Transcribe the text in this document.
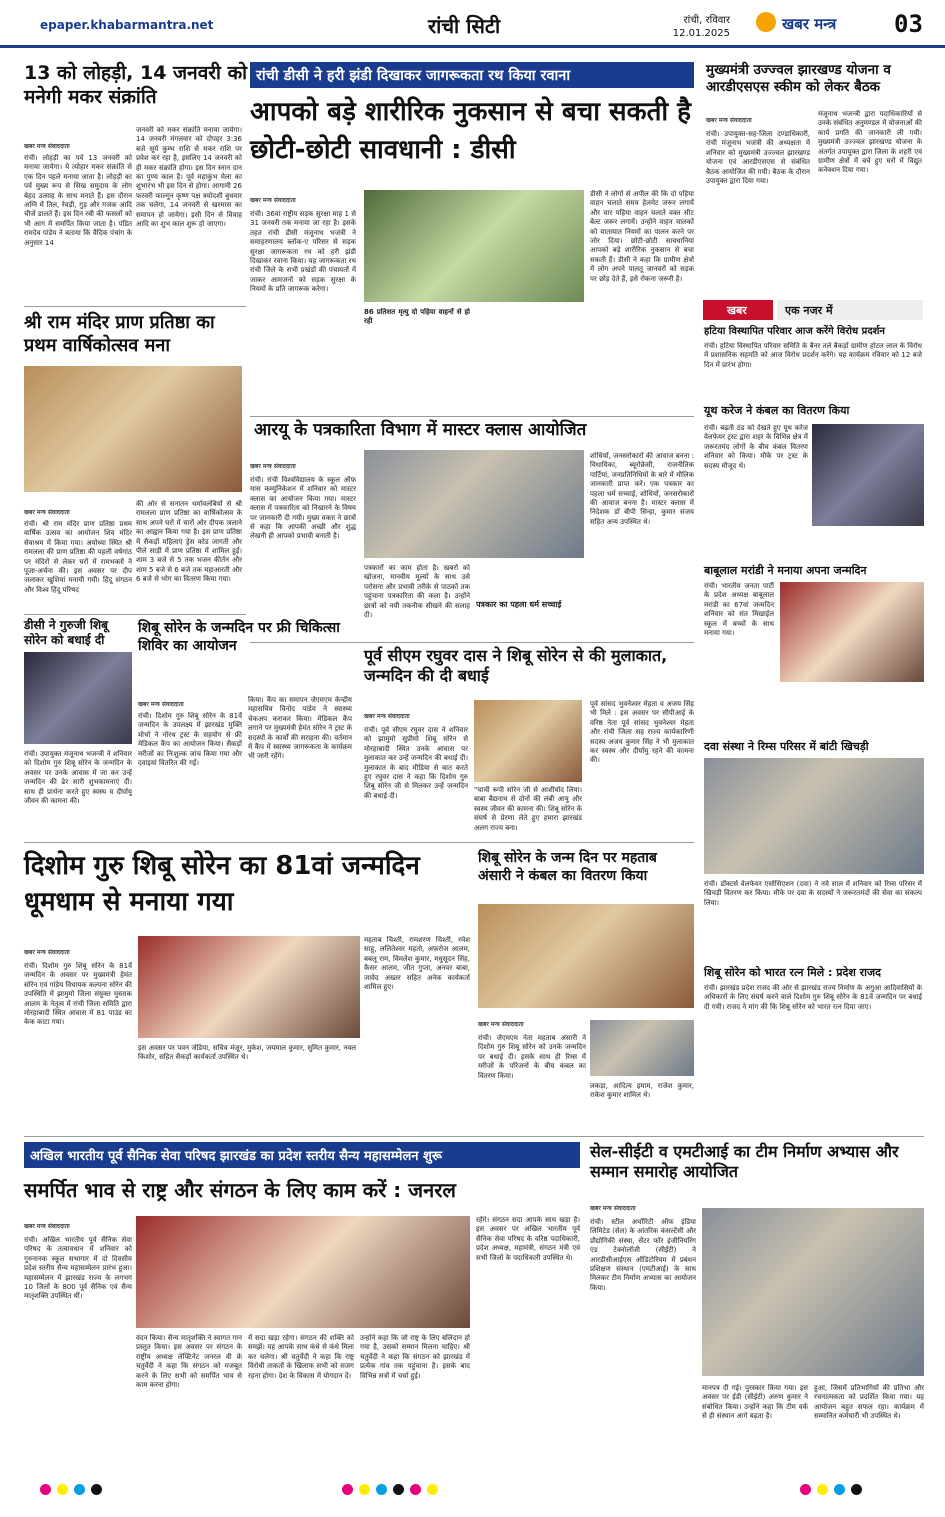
epaper.khabarmantra.net	रांची सिटी	रांची, रविवार
12.01.2025
खबर मन्त्र 03
13 को लोहड़ी, 14 जनवरी को मनेगी मकर संक्रांति
खबर मन्त्र संवाददाता
रांची। लोहड़ी का पर्व 13 जनवरी को मनाया जायेगा। ये त्योहार मकर संक्रांति से एक दिन पहले मनाया जाता है। लोहड़ी का पर्व मुख्य रूप से सिख समुदाय के लोग बेहद उत्साह के साथ मनाते हैं। इस दौरान अग्नि में तिल, रेवड़ी, गुड़ और गजक आदि चीजें डालते हैं। इस दिन रबी की फसलों को भी आग में समर्पित किया जाता है। पंडित रामदेव पांडेय ने बताया कि वैदिक पंचांग के अनुसार 14
जनवरी को मकर संक्रांति मनाया जायेगा। 14 जनवरी मंगलवार को दोपहर 3:36 बजे सूर्य कुम्भ राशि से मकर राशि पर प्रवेश कर रहा है, इसलिए 14 जनवरी को ही मकर संक्रांति होगा। इस दिन स्नान दान का पुण्य काल है। पूर्व महाकुंभ मेला का शुभारंभ भी इस दिन से होगा। आगामी 26 फरवरी फाल्गुन कृष्ण पक्ष त्रयोदशी बुधवार तक चलेगा, 14 जनवरी से खरमास का समापन हो जायेगा। इसी दिन से विवाह आदि का शुभ काल शुरू हो जाएगा।
श्री राम मंदिर प्राण प्रतिष्ठा का प्रथम वार्षिकोत्सव मना
खबर मन्त्र संवाददाता
रांची। श्री राम मंदिर प्राण प्रतिष्ठा प्रथम वार्षिक उत्सव का आयोजन शिव मंदिर सेवाश्रम में किया गया। अयोध्या स्थित श्री रामलला की प्राण प्रतिष्ठा की पहली वर्षगांठ पर मंदिरों से लेकर घरों में रामभक्तों ने पूजा-अर्चना की। इस अवसर पर दीप जलाकर खुशियां मनायी गयी। हिंदू संगठन और विश्व हिंदू परिषद
की ओर से सनातन धर्मावलंबियों से श्री रामलला प्राण प्रतिष्ठा का वार्षिकोत्सव के साथ अपने घरों में चारों ओर दीपक जलाने का आह्वान किया गया है। इस प्राण प्रतिष्ठा में सैकड़ों महिलाएं ड्रेस कोड जागती और पीले साड़ी में प्राण प्रतिष्ठा में शामिल हुईं। शाम 3 बजे से 5 तक भजन कीर्तन और शाम 5 बजे से 6 बजे तक महाआरती और 6 बजे से भोग का वितरण किया गया।
डीसी ने गुरुजी शिबू सोरेन को बधाई दी
रांची। उपायुक्त मंजूनाथ भजन्त्री ने शनिवार को दिशोम गुरु शिबू सोरेन के जन्मदिन के अवसर पर उनके आवास में जा कर उन्हें जन्मदिन की ढेर सारी शुभकामनाएं दीं। साथ ही प्रार्थना करते हुए स्वस्थ व दीर्घायु जीवन की कामना की।
शिबू सोरेन के जन्मदिन पर फ्री चिकित्सा शिविर का आयोजन
खबर मन्त्र संवाददाता
रांची। दिशोम गुरु शिबू सोरेन के 81वें जन्मदिन के उपलक्ष्य में झारखंड मुक्ति मोर्चा ने नोरथ ट्रस्ट के सहयोग से फ्री मेडिकल कैंप का आयोजन किया। सैकड़ों मरीजों का निःशुल्क जांच किया गया और दवाइयां वितरित की गईं।
किया। कैंप का समापन जेएमएम केन्द्रीय महासचिव विनोद पांडेय ने स्वास्थ्य चेकअप कराकर किया। मेडिकल कैंप लगाने पर मुख्यमंत्री हेमंत सोरेन ने ट्रस्ट के सदस्यों के कार्यों की सराहना की। वर्तमान में कैंप में स्वास्थ्य जागरूकता के कार्यक्रम भी जारी रहेंगे।
रांची डीसी ने हरी झंडी दिखाकर जागरूकता रथ किया रवाना
आपको बड़े शारीरिक नुकसान से बचा सकती है छोटी-छोटी सावधानी : डीसी
खबर मन्त्र संवाददाता
रांची। 36वां राष्ट्रीय सड़क सुरक्षा माह 1 से 31 जनवरी तक मनाया जा रहा है। इसके तहत रांची डीसी मंजूनाथ भजंत्री ने समाहरणालय ब्लॉक-ए परिसर से सड़क सुरक्षा जागरूकता रथ को हरी झंडी दिखाकर रवाना किया। यह जागरूकता रथ रांची जिले के सभी प्रखंडों की पंचायतों में जाकर आमजनों को सड़क सुरक्षा के नियमों के प्रति जागरूक करेगा।
86 प्रतिशत मृत्यु दो पहिया वाहनों से हो रही
डीसी ने लोगों से अपील की कि दो पहिया वाहन चलाते समय हेलमेट जरूर लगायें और चार पहिया वाहन चलाते वक्त सीट बेल्ट जरूर लगायें। उन्होंने वाहन चालकों को यातायात नियमों का पालन करने पर जोर दिया। छोटी-छोटी सावधानियां आपको बड़े शारीरिक नुकसान से बचा सकती हैं। डीसी ने कहा कि ग्रामीण क्षेत्रों में लोग अपने पालतू जानवरों को सड़क पर छोड़ देते हैं, इसे रोकना जरूरी है।
आरयू के पत्रकारिता विभाग में मास्टर क्लास आयोजित
खबर मन्त्र संवाददाता
रांची। रांची विश्वविद्यालय के स्कूल ऑफ मास कम्युनिकेशन में शनिवार को मास्टर क्लास का आयोजन किया गया। मास्टर क्लास में पत्रकारिता को निखारने के विषय पर जानकारी दी गयी। मुख्य वक्ता ने छात्रों से कहा कि आपकी अच्छी और शुद्ध लेखनी ही आपको प्रभावी बनाती है।
पत्रकारों का काम होता है। खबरों को खोजना, मानवीय मूल्यों के साथ उसे परोसना और प्रभावी तरीके से पाठकों तक पहुंचाना पत्रकारिता की कला है। उन्होंने छात्रों को नयी तकनीक सीखने की सलाह दी।
पत्रकार का पहला धर्म सच्चाई
शोधियों, जनसरोकारों की आवाज बनना : विधायिका, ब्यूरोक्रेसी, राजनीतिक पार्टियां, जनप्रतिनिधियों के बारे में मौलिक जानकारी प्राप्त करें। एक पत्रकार का पहला धर्म सच्चाई, शोधियों, जनसरोकारों की आवाज बनना है। मास्टर क्लास में निदेशक डॉ बीपी सिन्हा, कुमार संजय सहित अन्य उपस्थित थे।
पूर्व सीएम रघुवर दास ने शिबू सोरेन से की मुलाकात, जन्मदिन की दी बधाई
खबर मन्त्र संवाददाता
रांची। पूर्व सीएम रघुवर दास ने शनिवार को झामुमो सुप्रीमो शिबू सोरेन से मोरहाबादी स्थित उनके आवास पर मुलाकात कर उन्हें जन्मदिन की बधाई दी। मुलाकात के बाद मीडिया से बात करते हुए रघुवर दास ने कहा कि दिशोम गुरु शिबू सोरेन जी से मिलकर उन्हें जन्मदिन की बधाई दी।
"चाची रूपी सोरेन जी से आशीर्वाद लिया। बाबा बैद्यनाथ से दोनों की लंबी आयु और स्वस्थ जीवन की कामना की। शिबू सोरेन के संघर्ष से प्रेरणा लेते हुए हमारा झारखंड अलग राज्य बना।
पूर्व सांसद भुवनेश्वर मेहता व अजय सिंह भी मिले : इस अवसर पर सीपीआई के वरिष्ठ नेता पूर्व सांसद भुवनेश्वर मेहता और रांची जिला सह राज्य कार्यकारिणी सदस्य अजय कुमार सिंह ने भी मुलाकात कर स्वस्थ और दीर्घायु रहने की कामना की।
मुख्यमंत्री उज्ज्वल झारखण्ड योजना व आरडीएसएस स्कीम को लेकर बैठक
खबर मन्त्र संवाददाता
रांची। उपायुक्त-सह-जिला दण्डाधिकारी, रांची मंजूनाथ भजंत्री की अध्यक्षता में शनिवार को मुख्यमंत्री उज्ज्वल झारखण्ड योजना एवं आरडीएसएस से संबंधित बैठक आयोजित की गयी। बैठक के दौरान उपायुक्त द्वारा दिया गया।
मंजूनाथ भजन्त्री द्वारा पदाधिकारियों से उनके संबंधित अनुमण्डल में योजनाओं की कार्य प्रगति की जानकारी ली गयी। मुख्यमंत्री उज्ज्वल झारखण्ड योजना के अंतर्गत उपायुक्त द्वारा जिला के शहरी एवं ग्रामीण क्षेत्रों में बचे हुए घरों में विद्युत कनेक्शन दिया गया।
खबर	एक नजर में
हटिया विस्थापित परिवार आज करेंगे विरोध प्रदर्शन
रांची। हटिया विस्थापित परिवार समिति के बैनर तले बैकड़ों ग्रामीण होटल लाल के विरोध में प्रशासनिक सहमति को आज विरोध प्रदर्शन करेंगे। यह कार्यक्रम रविवार को 12 बजे दिन में प्रारंभ होगा।
यूथ करेज ने कंबल का वितरण किया
रांची। बढ़ती ठंड को देखते हुए यूथ करेज वेलफेयर ट्रस्ट द्वारा शहर के विभिन्न क्षेत्र में जरूरतमंद लोगों के बीच कंबल वितरण शनिवार को किया। मौके पर ट्रस्ट के सदस्य मौजूद थे।
बाबूलाल मरांडी ने मनाया अपना जन्मदिन
रांची। भारतीय जनता पार्टी के प्रदेश अध्यक्ष बाबूलाल मरांडी का 67वां जन्मदिन शनिवार को संत मिखाईल स्कूल में बच्चों के साथ मनाया गया।
दवा संस्था ने रिम्स परिसर में बांटी खिचड़ी
रांची। डॉक्टर्स वेलफेयर एसोसिएशन (दवा) ने नये साल में शनिवार को रिम्स परिसर में खिचड़ी वितरण कर किया। मौके पर दवा के सदस्यों ने जरूरतमंदों की सेवा का संकल्प लिया।
शिबू सोरेन को भारत रत्न मिले : प्रदेश राजद
रांची। झारखंड प्रदेश राजद की ओर से झारखंड राज्य निर्माण के अगुआ आदिवासियों के अधिकारों के लिए संघर्ष करने वाले दिशोम गुरु शिबू सोरेन के 81वें जन्मदिन पर बधाई दी गयी। राजद ने मांग की कि शिबू सोरेन को भारत रत्न दिया जाए।
दिशोम गुरु शिबू सोरेन का 81वां जन्मदिन धूमधाम से मनाया गया
खबर मन्त्र संवाददाता
रांची। दिशोम गुरु शिबू सोरेन के 81वें जन्मदिन के अवसर पर मुख्यमंत्री हेमंत सोरेन एवं गांडेय विधायक कल्पना सोरेन की उपस्थिति में झामुमो जिला संयुक्त मुस्ताक आलम के नेतृत्व में रांची जिला समिति द्वारा मोरहाबादी स्थित आवास में 81 पाउंड का केक काटा गया।
इस अवसर पर पवन जेडिया, सचिव मंजूर, मुकेश, जयमाल कुमार, सुमित कुमार, नवल किशोर, सहित सैकड़ों कार्यकर्ता उपस्थित थे।
महताब चिश्ती, रामशरण चिश्ती, रमेश साहू, ललितेश्वर महतो, अफ़रोज आलम, बबलू राम, विमलेश कुमार, मधुसूदन सिंह, कैसर आलम, जीत गुप्ता, अनवर बाबा, जावेद अख्तर सहित अनेक कार्यकर्ता शामिल हुए।
शिबू सोरेन के जन्म दिन पर महताब अंसारी ने कंबल का वितरण किया
खबर मन्त्र संवाददाता
रांची। जेएमएम नेता महताब अंसारी ने दिशोम गुरु शिबू सोरेन को उनके जन्मदिन पर बधाई दी। इसके साथ ही रिम्स में मरीजों के परिजनों के बीच कंबल का वितरण किया।
लकड़ा, आदित्य इमाम, राजेश कुमार, राकेश कुमार शामिल थे।
अखिल भारतीय पूर्व सैनिक सेवा परिषद झारखंड का प्रदेश स्तरीय सैन्य महासम्मेलन शुरू
समर्पित भाव से राष्ट्र और संगठन के लिए काम करें : जनरल
खबर मन्त्र संवाददाता
रांची। अखिल भारतीय पूर्व सैनिक सेवा परिषद के तत्वावधान में शनिवार को गुरुनानक स्कूल सभागार में दो दिवसीय प्रदेश स्तरीय सैन्य महासम्मेलन प्रारंभ हुआ। महासम्मेलन में झारखंड राज्य के लगभग 10 जिलों के 800 पूर्व सैनिक एवं सैन्य मातृशक्ति उपस्थित थीं।
वंदन किया। सैन्य मातृशक्ति ने स्वागत गान प्रस्तुत किया। इस अवसर पर संगठन के राष्ट्रीय अध्यक्ष लेफ्टिनेंट जनरल वी के चतुर्वेदी ने कहा कि संगठन को मजबूत करने के लिए सभी को समर्पित भाव से काम करना होगा।
में सदा खड़ा रहेगा। संगठन की शक्ति को समझें। यह आपके साथ कंधे से कंधे मिला कर चलेगा। श्री चतुर्वेदी ने कहा कि राष्ट्र विरोधी ताकतों के खिलाफ सभी को सजग रहना होगा। देश के विकास में योगदान दें।
उन्होंने कहा कि जो राष्ट्र के लिए बलिदान हो गया है, उसको सम्मान मिलना चाहिए। श्री चतुर्वेदी ने कहा कि संगठन को झारखंड में प्रत्येक गांव तक पहुंचाना है। इसके बाद विभिन्न सत्रों में चर्चा हुई।
रहेंगे। संगठन सदा आपके साथ खड़ा है। इस अवसर पर अखिल भारतीय पूर्व सैनिक सेवा परिषद के वरिष्ठ पदाधिकारी, प्रदेश अध्यक्ष, महामंत्री, संगठन मंत्री एवं सभी जिलों के पदाधिकारी उपस्थित थे।
सेल-सीईटी व एमटीआई का टीम निर्माण अभ्यास और सम्मान समारोह आयोजित
खबर मन्त्र संवाददाता
रांची। स्टील अथॉरिटी ऑफ इंडिया लिमिटेड (सेल) के आंतरिक कंसल्टेंसी और प्रौद्योगिकी संस्था, सेंटर फॉर इंजीनियरिंग एंड टेक्नोलॉजी (सीईटी) ने आरडीसीआईएस ऑडिटोरियम में प्रबंधन प्रशिक्षण संस्थान (एमटीआई) के साथ मिलकर टीम निर्माण अभ्यास का आयोजन किया।
मानपत्र दी गई। पुरस्कार किया गया। इस अवसर पर ईडी (सीईटी) अरुण कुमार ने संबोधित किया। उन्होंने कहा कि टीम वर्क से ही संस्थान आगे बढ़ता है।
हुआ, जिसमें प्रतिभागियों की प्रतिभा और रचनात्मकता को प्रदर्शित किया गया। यह आयोजन बहुत सफल रहा। कार्यक्रम में सम्मानित कर्मचारी भी उपस्थित थे।
